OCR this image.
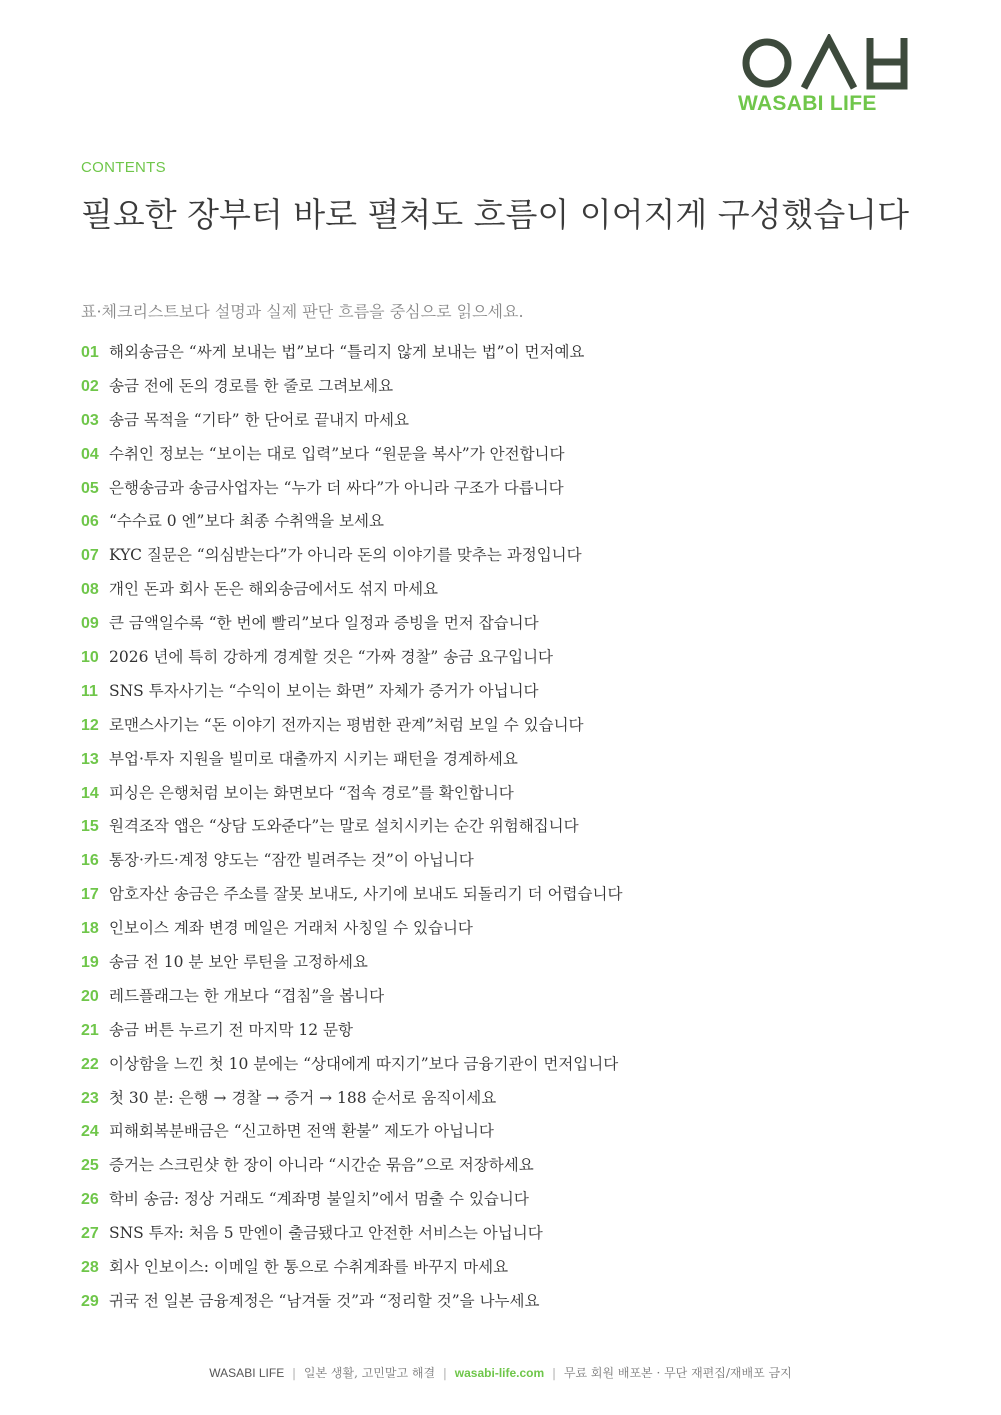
WASABI LIFE
CONTENTS
필요한 장부터 바로 펼쳐도 흐름이 이어지게 구성했습니다
표·체크리스트보다 설명과 실제 판단 흐름을 중심으로 읽으세요.
01 해외송금은 “싸게 보내는 법”보다 “틀리지 않게 보내는 법”이 먼저예요
02 송금 전에 돈의 경로를 한 줄로 그려보세요
03 송금 목적을 “기타” 한 단어로 끝내지 마세요
04 수취인 정보는 “보이는 대로 입력”보다 “원문을 복사”가 안전합니다
05 은행송금과 송금사업자는 “누가 더 싸다”가 아니라 구조가 다릅니다
06 “수수료 0 엔”보다 최종 수취액을 보세요
07 KYC 질문은 “의심받는다”가 아니라 돈의 이야기를 맞추는 과정입니다
08 개인 돈과 회사 돈은 해외송금에서도 섞지 마세요
09 큰 금액일수록 “한 번에 빨리”보다 일정과 증빙을 먼저 잡습니다
10 2026 년에 특히 강하게 경계할 것은 “가짜 경찰” 송금 요구입니다
11 SNS 투자사기는 “수익이 보이는 화면” 자체가 증거가 아닙니다
12 로맨스사기는 “돈 이야기 전까지는 평범한 관계”처럼 보일 수 있습니다
13 부업·투자 지원을 빌미로 대출까지 시키는 패턴을 경계하세요
14 피싱은 은행처럼 보이는 화면보다 “접속 경로”를 확인합니다
15 원격조작 앱은 “상담 도와준다”는 말로 설치시키는 순간 위험해집니다
16 통장·카드·계정 양도는 “잠깐 빌려주는 것”이 아닙니다
17 암호자산 송금은 주소를 잘못 보내도, 사기에 보내도 되돌리기 더 어렵습니다
18 인보이스 계좌 변경 메일은 거래처 사칭일 수 있습니다
19 송금 전 10 분 보안 루틴을 고정하세요
20 레드플래그는 한 개보다 “겹침”을 봅니다
21 송금 버튼 누르기 전 마지막 12 문항
22 이상함을 느낀 첫 10 분에는 “상대에게 따지기”보다 금융기관이 먼저입니다
23 첫 30 분: 은행 → 경찰 → 증거 → 188 순서로 움직이세요
24 피해회복분배금은 “신고하면 전액 환불” 제도가 아닙니다
25 증거는 스크린샷 한 장이 아니라 “시간순 묶음”으로 저장하세요
26 학비 송금: 정상 거래도 “계좌명 불일치”에서 멈출 수 있습니다
27 SNS 투자: 처음 5 만엔이 출금됐다고 안전한 서비스는 아닙니다
28 회사 인보이스: 이메일 한 통으로 수취계좌를 바꾸지 마세요
29 귀국 전 일본 금융계정은 “남겨둘 것”과 “정리할 것”을 나누세요
WASABI LIFE | 일본 생활, 고민말고 해결 | wasabi-life.com | 무료 회원 배포본 · 무단 재편집/재배포 금지
